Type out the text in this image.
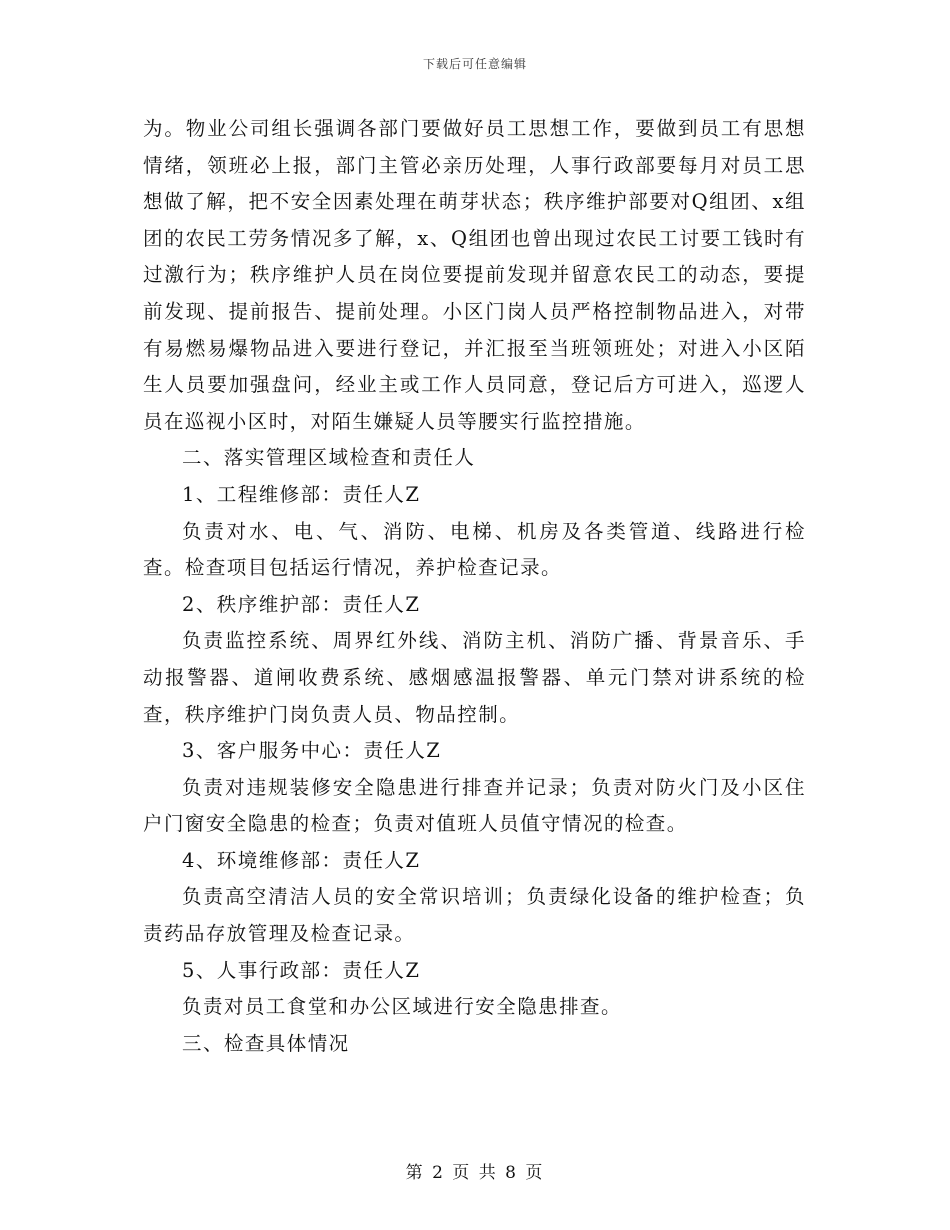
下载后可任意编辑

为。物业公司组长强调各部门要做好员工思想工作，要做到员工有思想情绪，领班必上报，部门主管必亲历处理，人事行政部要每月对员工思想做了解，把不安全因素处理在萌芽状态；秩序维护部要对Q组团、x组团的农民工劳务情况多了解，x、Q组团也曾出现过农民工讨要工钱时有过激行为；秩序维护人员在岗位要提前发现并留意农民工的动态，要提前发现、提前报告、提前处理。小区门岗人员严格控制物品进入，对带有易燃易爆物品进入要进行登记，并汇报至当班领班处；对进入小区陌生人员要加强盘问，经业主或工作人员同意，登记后方可进入，巡逻人员在巡视小区时，对陌生嫌疑人员等腰实行监控措施。

二、落实管理区域检查和责任人

1、工程维修部：责任人Z

负责对水、电、气、消防、电梯、机房及各类管道、线路进行检查。检查项目包括运行情况，养护检查记录。

2、秩序维护部：责任人Z

负责监控系统、周界红外线、消防主机、消防广播、背景音乐、手动报警器、道闸收费系统、感烟感温报警器、单元门禁对讲系统的检查，秩序维护门岗负责人员、物品控制。

3、客户服务中心：责任人Z

负责对违规装修安全隐患进行排查并记录；负责对防火门及小区住户门窗安全隐患的检查；负责对值班人员值守情况的检查。

4、环境维修部：责任人Z

负责高空清洁人员的安全常识培训；负责绿化设备的维护检查；负责药品存放管理及检查记录。

5、人事行政部：责任人Z

负责对员工食堂和办公区域进行安全隐患排查。

三、检查具体情况

第 2 页 共 8 页
